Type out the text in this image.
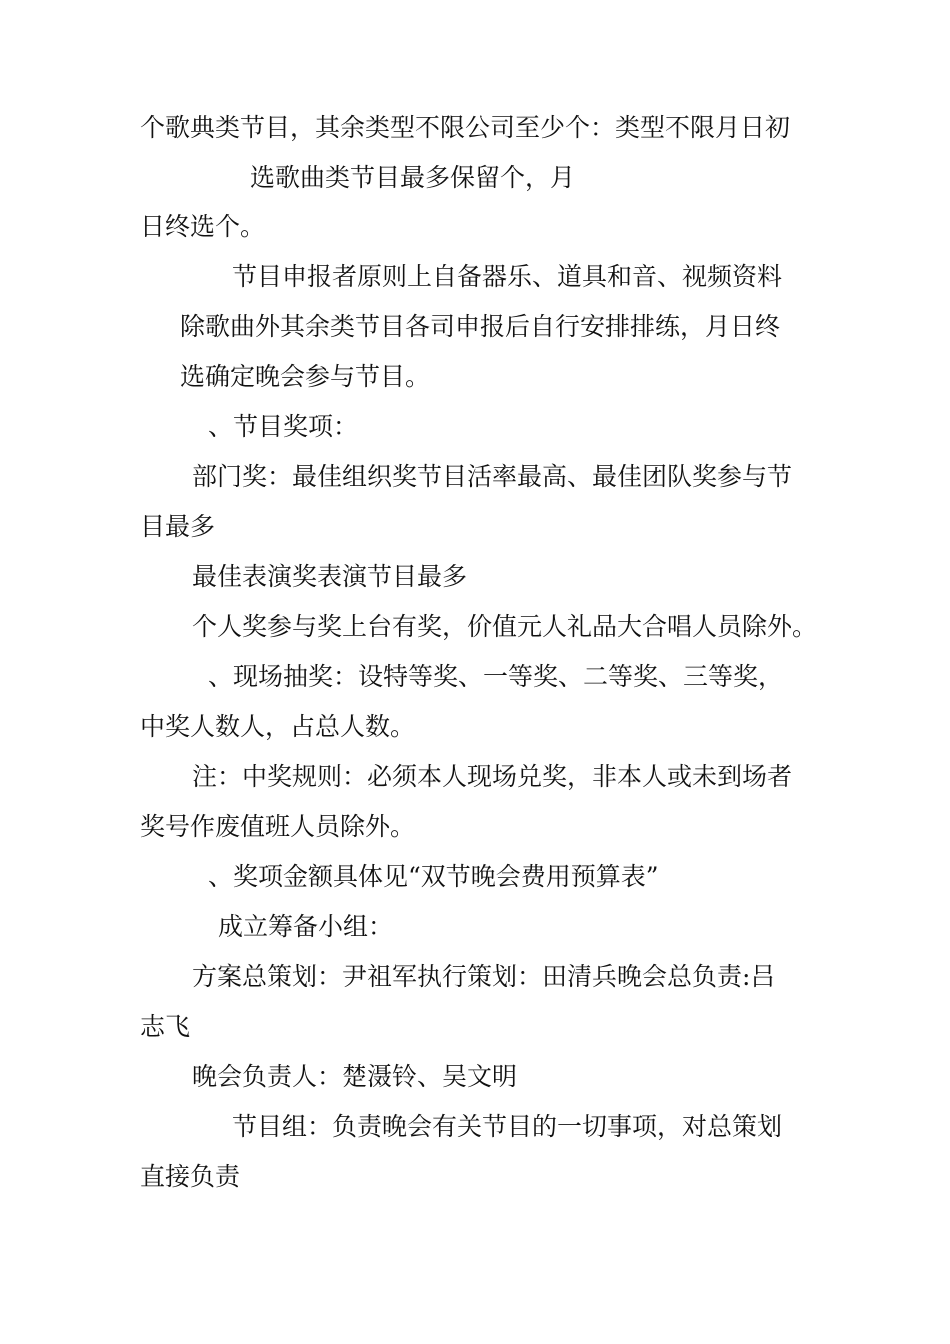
个歌典类节目，其余类型不限公司至少个：类型不限月日初
选歌曲类节目最多保留个，月
日终选个。
节目申报者原则上自备器乐、道具和音、视频资料
除歌曲外其余类节目各司申报后自行安排排练，月日终
选确定晚会参与节目。
、节目奖项：
部门奖：最佳组织奖节目活率最高、最佳团队奖参与节
目最多
最佳表演奖表演节目最多
个人奖参与奖上台有奖，价值元人礼品大合唱人员除外。
、现场抽奖：设特等奖、一等奖、二等奖、三等奖，
中奖人数人，占总人数。
注：中奖规则：必须本人现场兑奖，非本人或未到场者
奖号作废值班人员除外。
、奖项金额具体见“双节晚会费用预算表”
成立筹备小组：
方案总策划：尹祖军执行策划：田清兵晚会总负责:吕
志飞
晚会负责人：楚滠铃、吴文明
节目组：负责晚会有关节目的一切事项，对总策划
直接负责
